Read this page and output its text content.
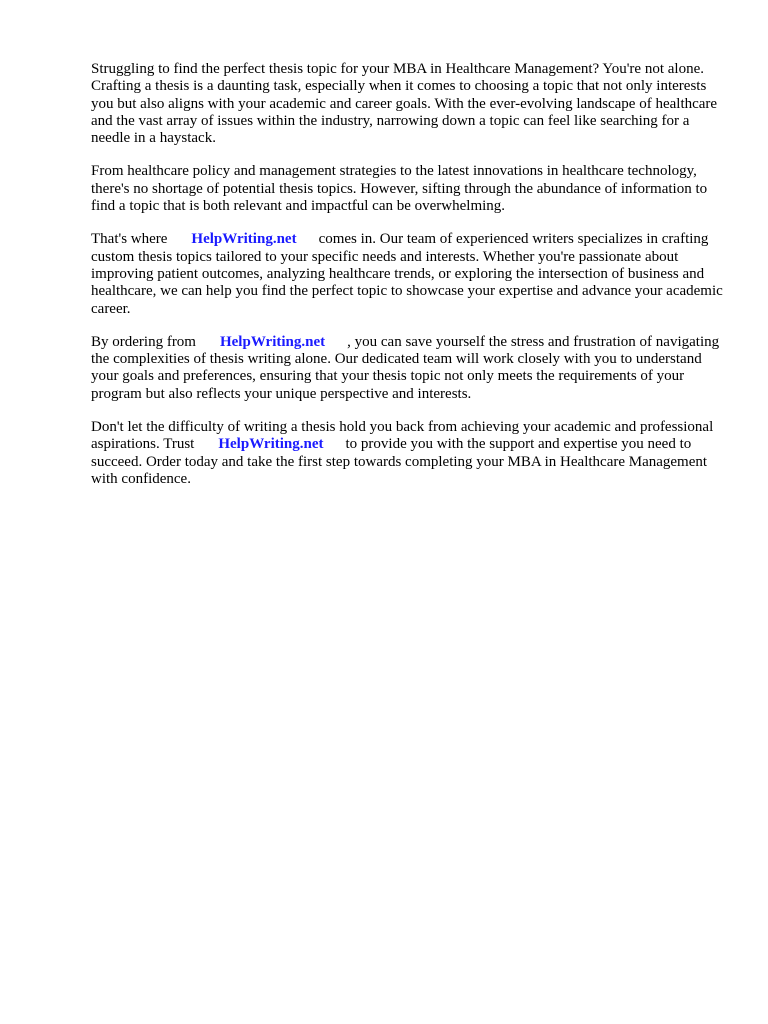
Struggling to find the perfect thesis topic for your MBA in Healthcare Management? You're not alone. Crafting a thesis is a daunting task, especially when it comes to choosing a topic that not only interests you but also aligns with your academic and career goals. With the ever-evolving landscape of healthcare and the vast array of issues within the industry, narrowing down a topic can feel like searching for a needle in a haystack.

From healthcare policy and management strategies to the latest innovations in healthcare technology, there's no shortage of potential thesis topics. However, sifting through the abundance of information to find a topic that is both relevant and impactful can be overwhelming.

That's where HelpWriting.net comes in. Our team of experienced writers specializes in crafting custom thesis topics tailored to your specific needs and interests. Whether you're passionate about improving patient outcomes, analyzing healthcare trends, or exploring the intersection of business and healthcare, we can help you find the perfect topic to showcase your expertise and advance your academic career.

By ordering from HelpWriting.net , you can save yourself the stress and frustration of navigating the complexities of thesis writing alone. Our dedicated team will work closely with you to understand your goals and preferences, ensuring that your thesis topic not only meets the requirements of your program but also reflects your unique perspective and interests.

Don't let the difficulty of writing a thesis hold you back from achieving your academic and professional aspirations. Trust HelpWriting.net to provide you with the support and expertise you need to succeed. Order today and take the first step towards completing your MBA in Healthcare Management with confidence.
